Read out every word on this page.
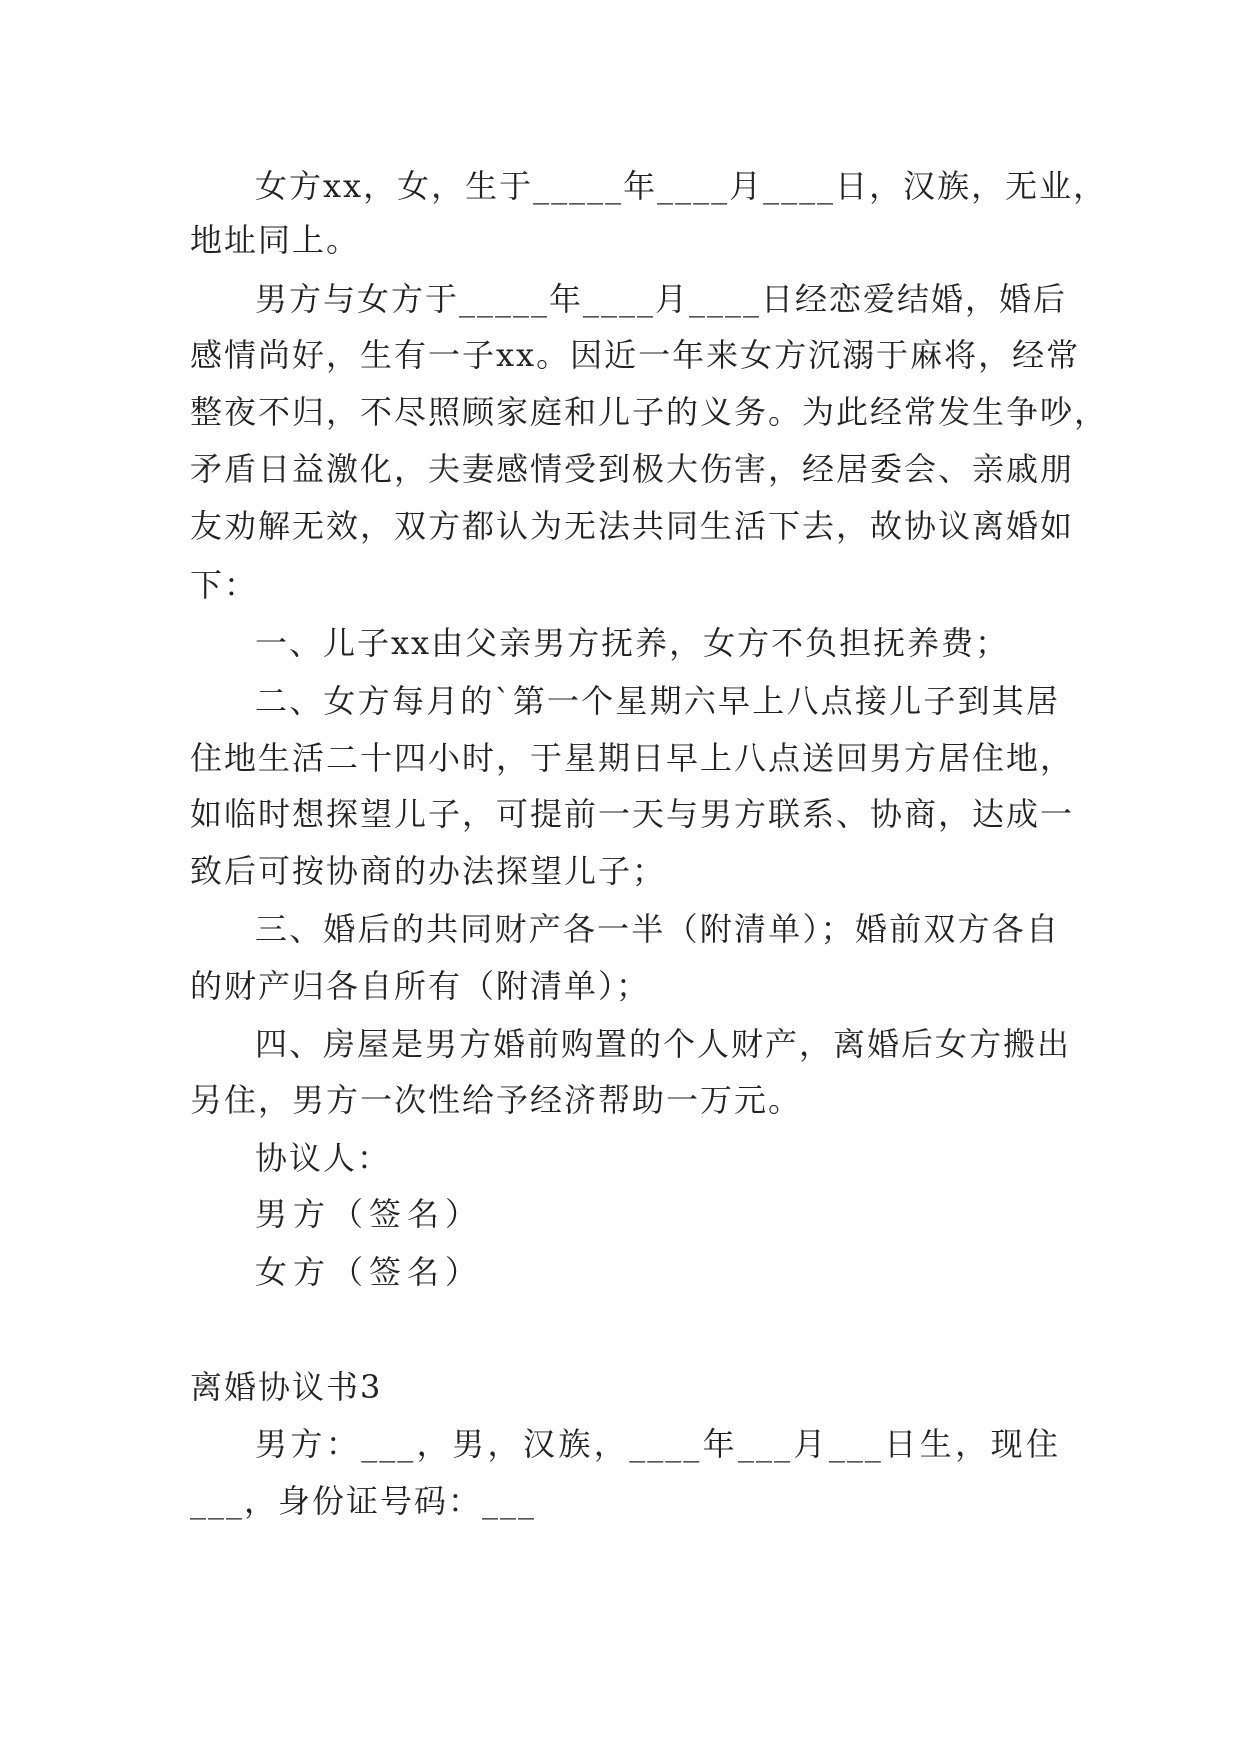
女方xx，女，生于_____年____月____日，汉族，无业，
地址同上。
男方与女方于_____年____月____日经恋爱结婚，婚后
感情尚好，生有一子xx。因近一年来女方沉溺于麻将，经常
整夜不归，不尽照顾家庭和儿子的义务。为此经常发生争吵，
矛盾日益激化，夫妻感情受到极大伤害，经居委会、亲戚朋
友劝解无效，双方都认为无法共同生活下去，故协议离婚如
下：
一、儿子xx由父亲男方抚养，女方不负担抚养费；
二、女方每月的`第一个星期六早上八点接儿子到其居
住地生活二十四小时，于星期日早上八点送回男方居住地，
如临时想探望儿子，可提前一天与男方联系、协商，达成一
致后可按协商的办法探望儿子；
三、婚后的共同财产各一半（附清单）；婚前双方各自
的财产归各自所有（附清单）；
四、房屋是男方婚前购置的个人财产，离婚后女方搬出
另住，男方一次性给予经济帮助一万元。
协议人：
男方（签名）
女方（签名）
离婚协议书3
男方：___，男，汉族，____年___月___日生，现住
___，身份证号码：___
